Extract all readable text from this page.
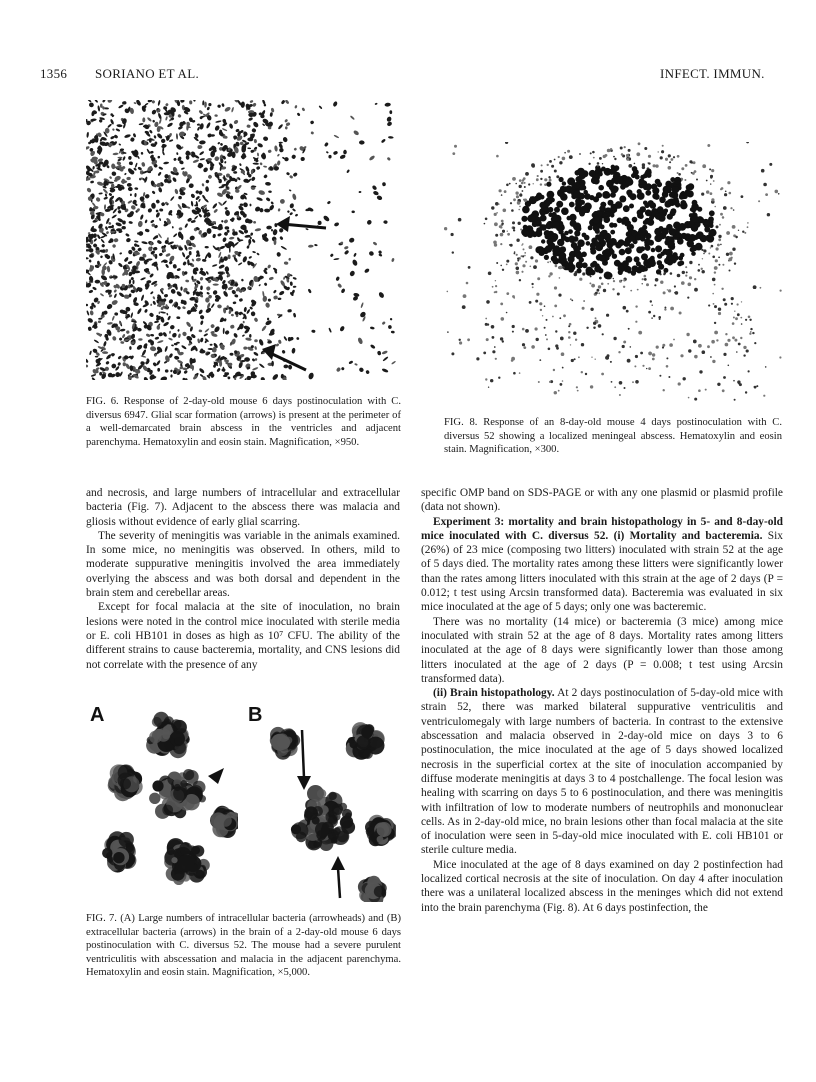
1356 SORIANO ET AL.	INFECT. IMMUN.
FIG. 6. Response of 2-day-old mouse 6 days postinoculation with C. diversus 6947. Glial scar formation (arrows) is present at the perimeter of a well-demarcated brain abscess in the ventricles and adjacent parenchyma. Hematoxylin and eosin stain. Magnification, ×950.
FIG. 8. Response of an 8-day-old mouse 4 days postinoculation with C. diversus 52 showing a localized meningeal abscess. Hematoxylin and eosin stain. Magnification, ×300.

and necrosis, and large numbers of intracellular and extracellular bacteria (Fig. 7). Adjacent to the abscess there was malacia and gliosis without evidence of early glial scarring.

The severity of meningitis was variable in the animals examined. In some mice, no meningitis was observed. In others, mild to moderate suppurative meningitis involved the area immediately overlying the abscess and was both dorsal and dependent in the brain stem and cerebellar areas.

Except for focal malacia at the site of inoculation, no brain lesions were noted in the control mice inoculated with sterile media or E. coli HB101 in doses as high as 10⁷ CFU. The ability of the different strains to cause bacteremia, mortality, and CNS lesions did not correlate with the presence of any

A	B
FIG. 7. (A) Large numbers of intracellular bacteria (arrowheads) and (B) extracellular bacteria (arrows) in the brain of a 2-day-old mouse 6 days postinoculation with C. diversus 52. The mouse had a severe purulent ventriculitis with abscessation and malacia in the adjacent parenchyma. Hematoxylin and eosin stain. Magnification, ×5,000.

specific OMP band on SDS-PAGE or with any one plasmid or plasmid profile (data not shown).

Experiment 3: mortality and brain histopathology in 5- and 8-day-old mice inoculated with C. diversus 52. (i) Mortality and bacteremia. Six (26%) of 23 mice (composing two litters) inoculated with strain 52 at the age of 5 days died. The mortality rates among these litters were significantly lower than the rates among litters inoculated with this strain at the age of 2 days (P = 0.012; t test using Arcsin transformed data). Bacteremia was evaluated in six mice inoculated at the age of 5 days; only one was bacteremic.

There was no mortality (14 mice) or bacteremia (3 mice) among mice inoculated with strain 52 at the age of 8 days. Mortality rates among litters inoculated at the age of 8 days were significantly lower than those among litters inoculated at the age of 2 days (P = 0.008; t test using Arcsin transformed data).

(ii) Brain histopathology. At 2 days postinoculation of 5-day-old mice with strain 52, there was marked bilateral suppurative ventriculitis and ventriculomegaly with large numbers of bacteria. In contrast to the extensive abscessation and malacia observed in 2-day-old mice on days 3 to 6 postinoculation, the mice inoculated at the age of 5 days showed localized necrosis in the superficial cortex at the site of inoculation accompanied by diffuse moderate meningitis at days 3 to 4 postchallenge. The focal lesion was healing with scarring on days 5 to 6 postinoculation, and there was meningitis with infiltration of low to moderate numbers of neutrophils and mononuclear cells. As in 2-day-old mice, no brain lesions other than focal malacia at the site of inoculation were seen in 5-day-old mice inoculated with E. coli HB101 or sterile culture media.

Mice inoculated at the age of 8 days examined on day 2 postinfection had localized cortical necrosis at the site of inoculation. On day 4 after inoculation there was a unilateral localized abscess in the meninges which did not extend into the brain parenchyma (Fig. 8). At 6 days postinfection, the
